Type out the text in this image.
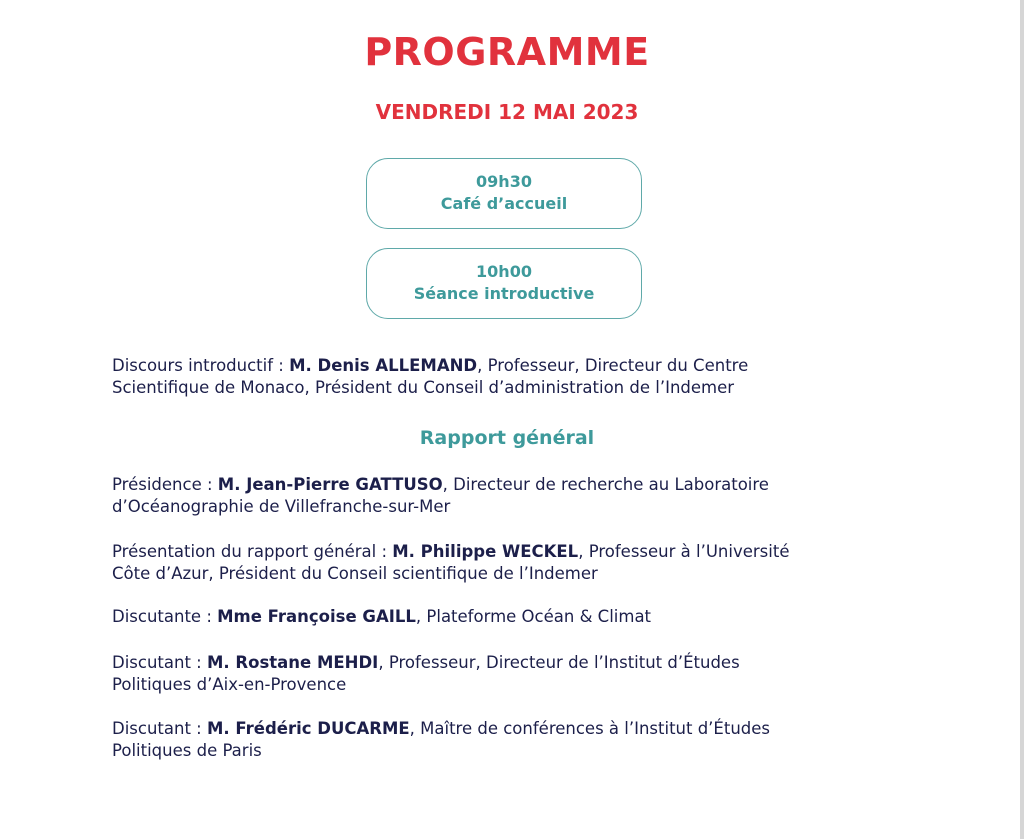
PROGRAMME
VENDREDI 12 MAI 2023
09h30
Café d’accueil
10h00
Séance introductive

Discours introductif : M. Denis ALLEMAND, Professeur, Directeur du Centre
Scientifique de Monaco, Président du Conseil d’administration de l’Indemer

Rapport général

Présidence : M. Jean-Pierre GATTUSO, Directeur de recherche au Laboratoire
d’Océanographie de Villefranche-sur-Mer

Présentation du rapport général : M. Philippe WECKEL, Professeur à l’Université
Côte d’Azur, Président du Conseil scientifique de l’Indemer

Discutante : Mme Françoise GAILL, Plateforme Océan & Climat

Discutant : M. Rostane MEHDI, Professeur, Directeur de l’Institut d’Études
Politiques d’Aix-en-Provence

Discutant : M. Frédéric DUCARME, Maître de conférences à l’Institut d’Études
Politiques de Paris
